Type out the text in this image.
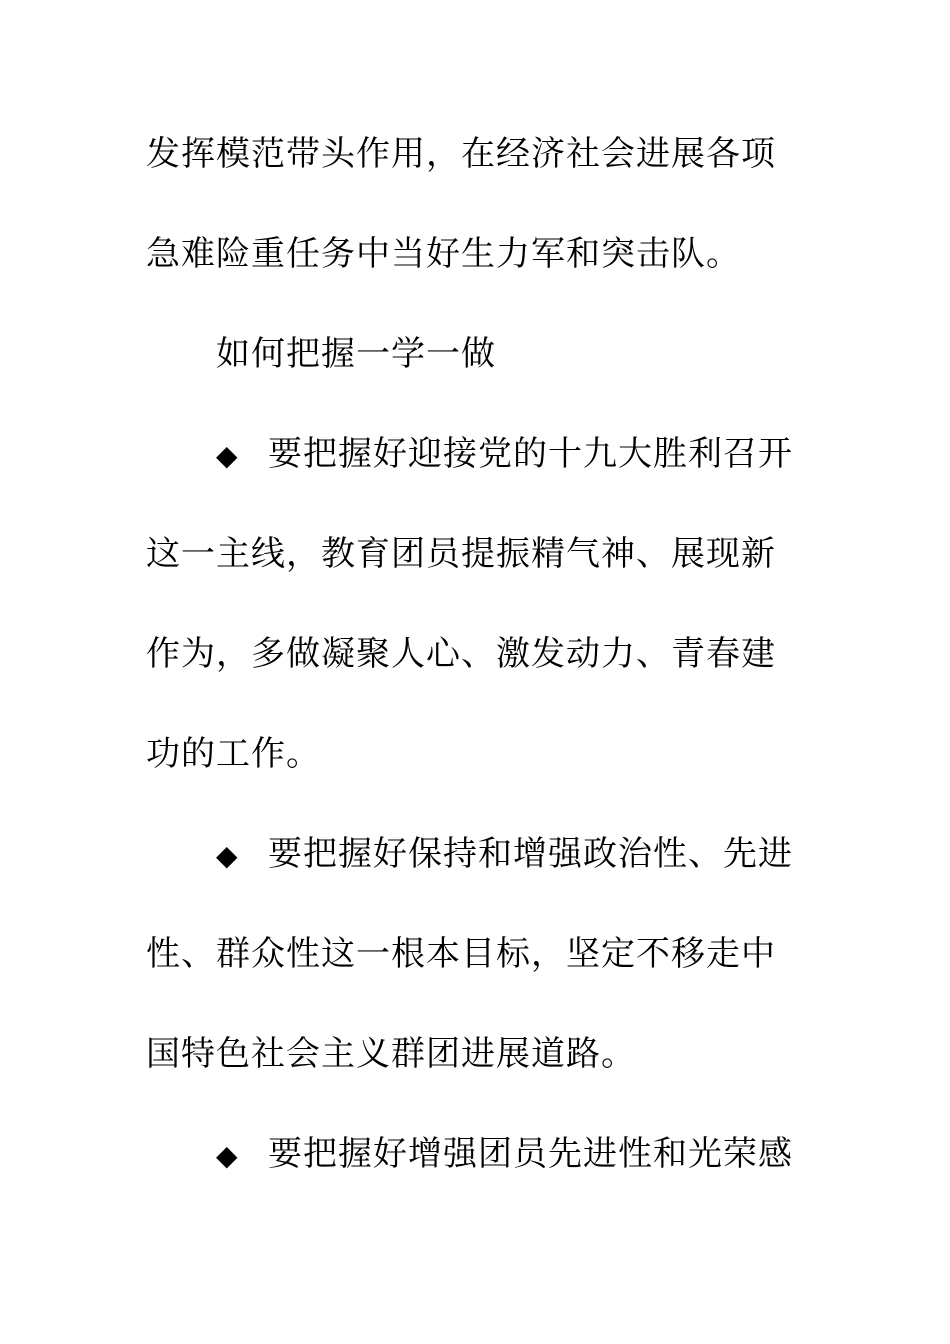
发挥模范带头作用，在经济社会进展各项
急难险重任务中当好生力军和突击队。
如何把握一学一做
◆ 要把握好迎接党的十九大胜利召开
这一主线，教育团员提振精气神、展现新
作为，多做凝聚人心、激发动力、青春建
功的工作。
◆ 要把握好保持和增强政治性、先进
性、群众性这一根本目标，坚定不移走中
国特色社会主义群团进展道路。
◆ 要把握好增强团员先进性和光荣感
